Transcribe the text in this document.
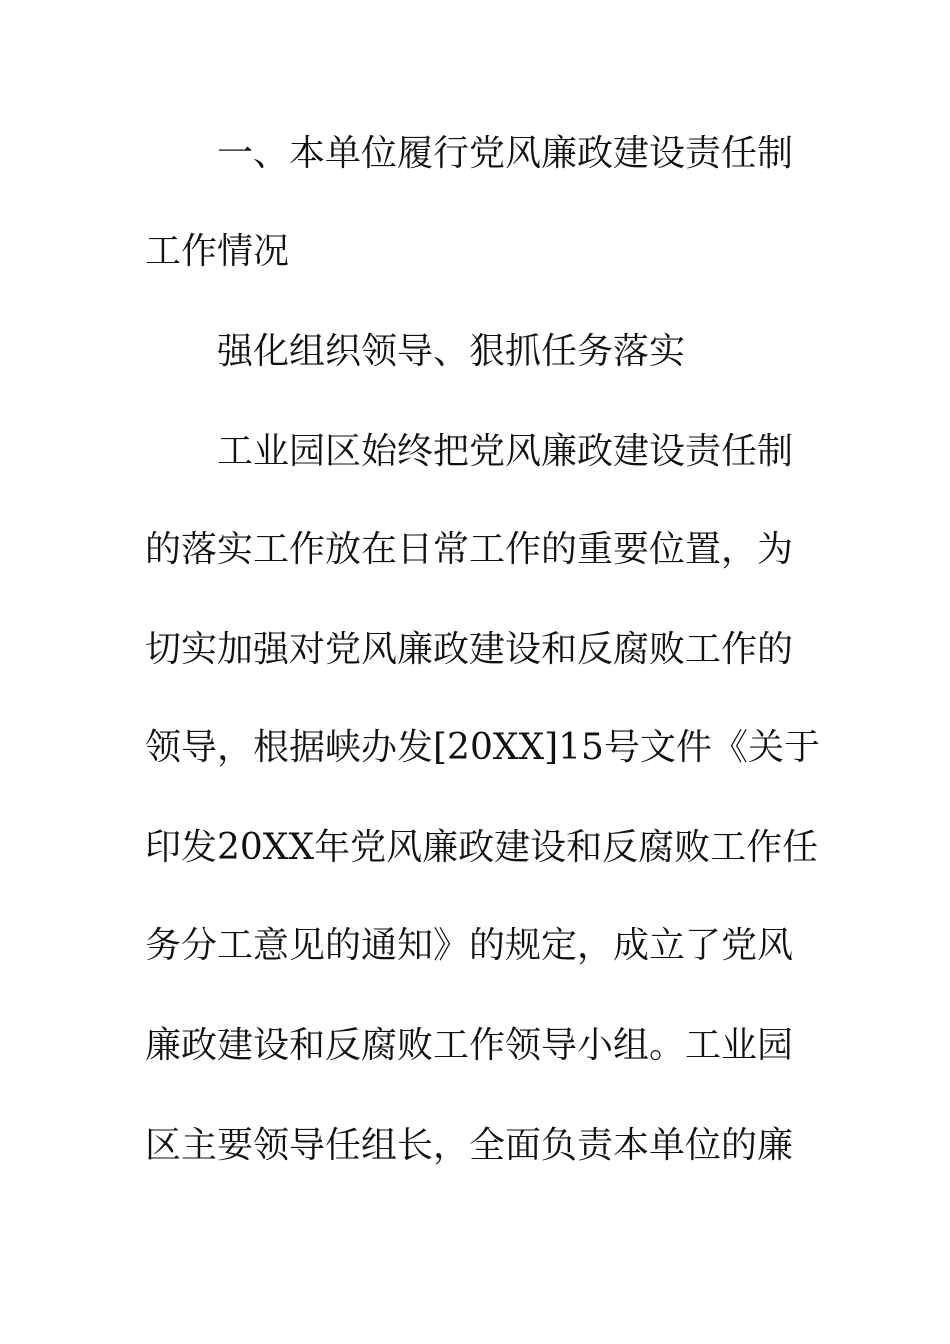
一、本单位履行党风廉政建设责任制
工作情况
强化组织领导、狠抓任务落实
工业园区始终把党风廉政建设责任制
的落实工作放在日常工作的重要位置，为
切实加强对党风廉政建设和反腐败工作的
领导，根据峡办发[20XX]15号文件《关于
印发20XX年党风廉政建设和反腐败工作任
务分工意见的通知》的规定，成立了党风
廉政建设和反腐败工作领导小组。工业园
区主要领导任组长，全面负责本单位的廉
